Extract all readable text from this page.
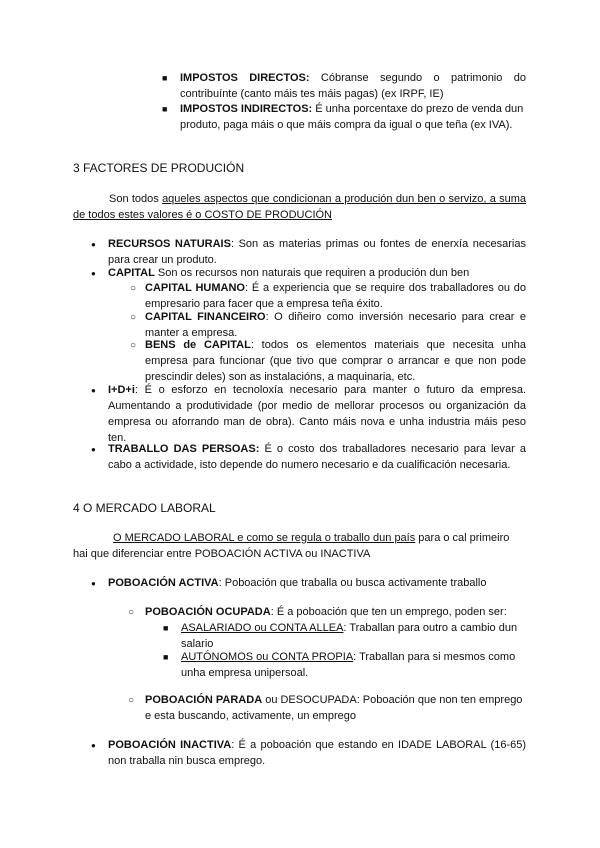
■

IMPOSTOS DIRECTOS: Cóbranse segundo o patrimonio do contribuínte (canto máis tes máis pagas) (ex IRPF, IE)

■

IMPOSTOS INDIRECTOS: É unha porcentaxe do prezo de venda dun produto, paga máis o que máis compra da igual o que teña (ex IVA).

3 FACTORES DE PRODUCIÓN

Son todos aqueles aspectos que condicionan a produción dun ben o servizo, a suma de todos estes valores é o COSTO DE PRODUCIÓN

●

RECURSOS NATURAIS: Son as materias primas ou fontes de enerxía necesarias para crear un produto.

●

CAPITAL Son os recursos non naturais que requiren a produción dun ben

○

CAPITAL HUMANO: É a experiencia que se require dos traballadores ou do empresario para facer que a empresa teña éxito.

○

CAPITAL FINANCEIRO: O diñeiro como inversión necesario para crear e manter a empresa.

○

BENS de CAPITAL: todos os elementos materiais que necesita unha empresa para funcionar (que tivo que comprar o arrancar e que non pode prescindir deles) son as instalacións, a maquinaria, etc.

●

I+D+i: É o esforzo en tecnoloxía necesario para manter o futuro da empresa. Aumentando a produtividade (por medio de mellorar procesos ou organización da empresa ou aforrando man de obra). Canto máis nova e unha industria máis peso ten.

●

TRABALLO DAS PERSOAS: É o costo dos traballadores necesario para levar a cabo a actividade, isto depende do numero necesario e da cualificación necesaria.

4 O MERCADO LABORAL

O MERCADO LABORAL e como se regula o traballo dun país para o cal primeiro hai que diferenciar entre POBOACIÓN ACTIVA ou INACTIVA

●

POBOACIÓN ACTIVA: Poboación que traballa ou busca activamente traballo

○

POBOACIÓN OCUPADA: É a poboación que ten un emprego, poden ser:

■

ASALARIADO ou CONTA ALLEA: Traballan para outro a cambio dun salario

■

AUTÓNOMOS ou CONTA PROPIA: Traballan para si mesmos como unha empresa unipersoal.

○

POBOACIÓN PARADA ou DESOCUPADA: Poboación que non ten emprego e esta buscando, activamente, un emprego

●

POBOACIÓN INACTIVA: É a poboación que estando en IDADE LABORAL (16-65) non traballa nin busca emprego.
